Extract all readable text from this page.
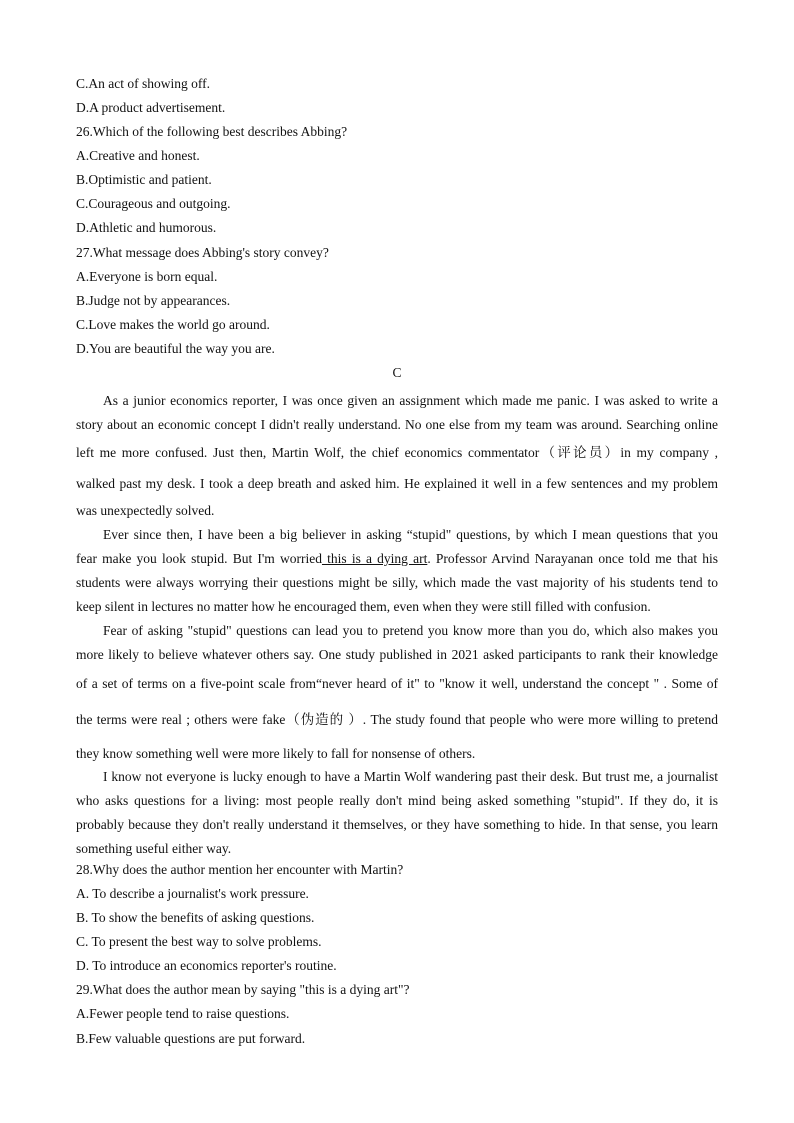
C.An act of showing off.
D.A product advertisement.
26.Which of the following best describes Abbing?
A.Creative and honest.
B.Optimistic and patient.
C.Courageous and outgoing.
D.Athletic and humorous.
27.What message does Abbing's story convey?
A.Everyone is born equal.
B.Judge not by appearances.
C.Love makes the world go around.
D.You are beautiful the way you are.
C
As a junior economics reporter, I was once given an assignment which made me panic. I was asked to write a
story about an economic concept I didn't really understand. No one else from my team was around. Searching online
left me more confused. Just then, Martin Wolf, the chief economics commentator（评论员）in my company ,
walked past my desk. I took a deep breath and asked him. He explained it well in a few sentences and my problem
was unexpectedly solved.
Ever since then, I have been a big believer in asking “stupid" questions, by which I mean questions that you
fear make you look stupid. But I'm worried this is a dying art. Professor Arvind Narayanan once told me that his
students were always worrying their questions might be silly, which made the vast majority of his students tend to
keep silent in lectures no matter how he encouraged them, even when they were still filled with confusion.
Fear of asking "stupid" questions can lead you to pretend you know more than you do, which also makes you
more likely to believe whatever others say. One study published in 2021 asked participants to rank their knowledge
of a set of terms on a five-point scale from“never heard of it" to "know it well, understand the concept " . Some of
the terms were real ; others were fake（伪造的 ）. The study found that people who were more willing to pretend
they know something well were more likely to fall for nonsense of others.
I know not everyone is lucky enough to have a Martin Wolf wandering past their desk. But trust me, a journalist
who asks questions for a living: most people really don't mind being asked something "stupid". If they do, it is
probably because they don't really understand it themselves, or they have something to hide. In that sense, you learn
something useful either way.
28.Why does the author mention her encounter with Martin?
A. To describe a journalist's work pressure.
B. To show the benefits of asking questions.
C. To present the best way to solve problems.
D. To introduce an economics reporter's routine.
29.What does the author mean by saying "this is a dying art"?
A.Fewer people tend to raise questions.
B.Few valuable questions are put forward.
